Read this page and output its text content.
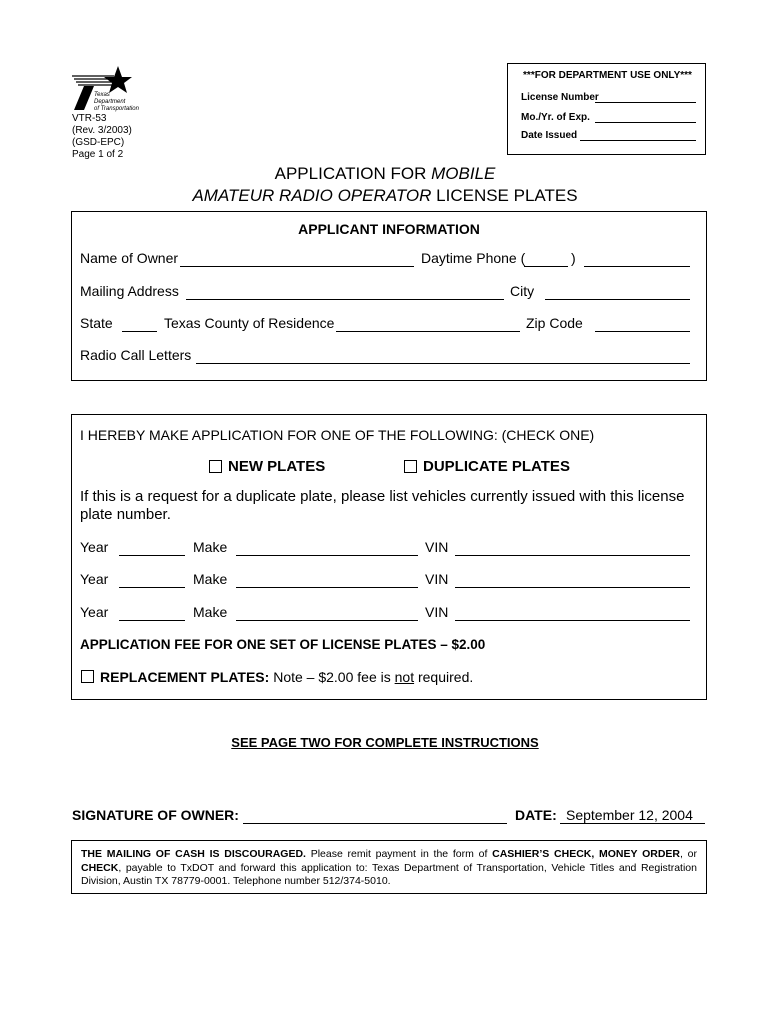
Texas
Department
of Transportation
VTR-53
(Rev. 3/2003)
(GSD-EPC)
Page 1 of 2
***FOR DEPARTMENT USE ONLY***
License Number
Mo./Yr. of Exp.
Date Issued
APPLICATION FOR MOBILE
AMATEUR RADIO OPERATOR LICENSE PLATES
APPLICANT INFORMATION
Name of Owner	Daytime Phone (	)
Mailing Address	City
State	Texas County of Residence	Zip Code
Radio Call Letters
I HEREBY MAKE APPLICATION FOR ONE OF THE FOLLOWING: (CHECK ONE)
NEW PLATES	DUPLICATE PLATES
If this is a request for a duplicate plate, please list vehicles currently issued with this license plate number.
Year	Make	VIN
Year	Make	VIN
Year	Make	VIN
APPLICATION FEE FOR ONE SET OF LICENSE PLATES – $2.00
REPLACEMENT PLATES: Note – $2.00 fee is not required.
SEE PAGE TWO FOR COMPLETE INSTRUCTIONS
SIGNATURE OF OWNER:	DATE: September 12, 2004
THE MAILING OF CASH IS DISCOURAGED. Please remit payment in the form of CASHIER’S CHECK, MONEY ORDER, or CHECK, payable to TxDOT and forward this application to: Texas Department of Transportation, Vehicle Titles and Registration Division, Austin TX 78779-0001. Telephone number 512/374-5010.
